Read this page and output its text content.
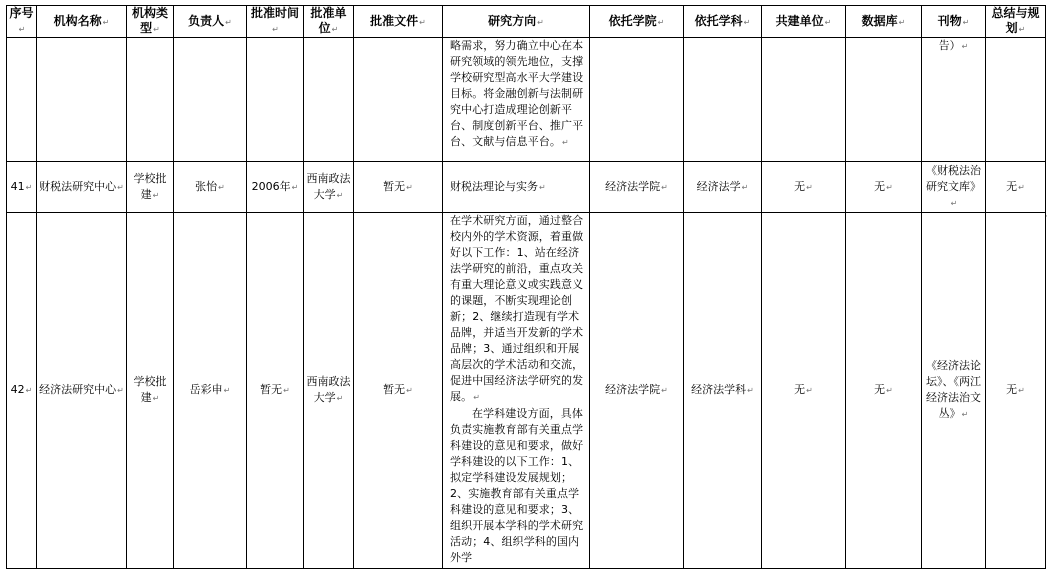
序号↵	机构名称↵	机构类型↵	负责人↵	批准时间↵	批准单位↵	批准文件↵	研究方向↵	依托学院↵	依托学科↵	共建单位↵	数据库↵	刊物↵	总结与规划↵

							略需求，努力确立中心在本研究领域的领先地位，支撑学校研究型高水平大学建设目标。将金融创新与法制研究中心打造成理论创新平台、制度创新平台、推广平台、文献与信息平台。↵					告）↵	
41↵	财税法研究中心↵	学校批建↵	张怡↵	2006年↵	西南政法大学↵	暂无↵	财税法理论与实务↵	经济法学院↵	经济法学↵	无↵	无↵	《财税法治研究文库》↵	无↵
42↵	经济法研究中心↵	学校批建↵	岳彩申↵	暂无↵	西南政法大学↵	暂无↵	在学术研究方面，通过整合校内外的学术资源，着重做好以下工作：1、站在经济法学研究的前沿，重点攻关有重大理论意义或实践意义的课题，不断实现理论创新；2、继续打造现有学术品牌，并适当开发新的学术品牌；3、通过组织和开展高层次的学术活动和交流，促进中国经济法学研究的发展。↵
在学科建设方面，具体负责实施教育部有关重点学科建设的意见和要求，做好学科建设的以下工作：1、拟定学科建设发展规划；2、实施教育部有关重点学科建设的意见和要求；3、组织开展本学科的学术研究活动；4、组织学科的国内外学	经济法学院↵	经济法学科↵	无↵	无↵	《经济法论坛》、《两江经济法治文丛》↵	无↵
·
